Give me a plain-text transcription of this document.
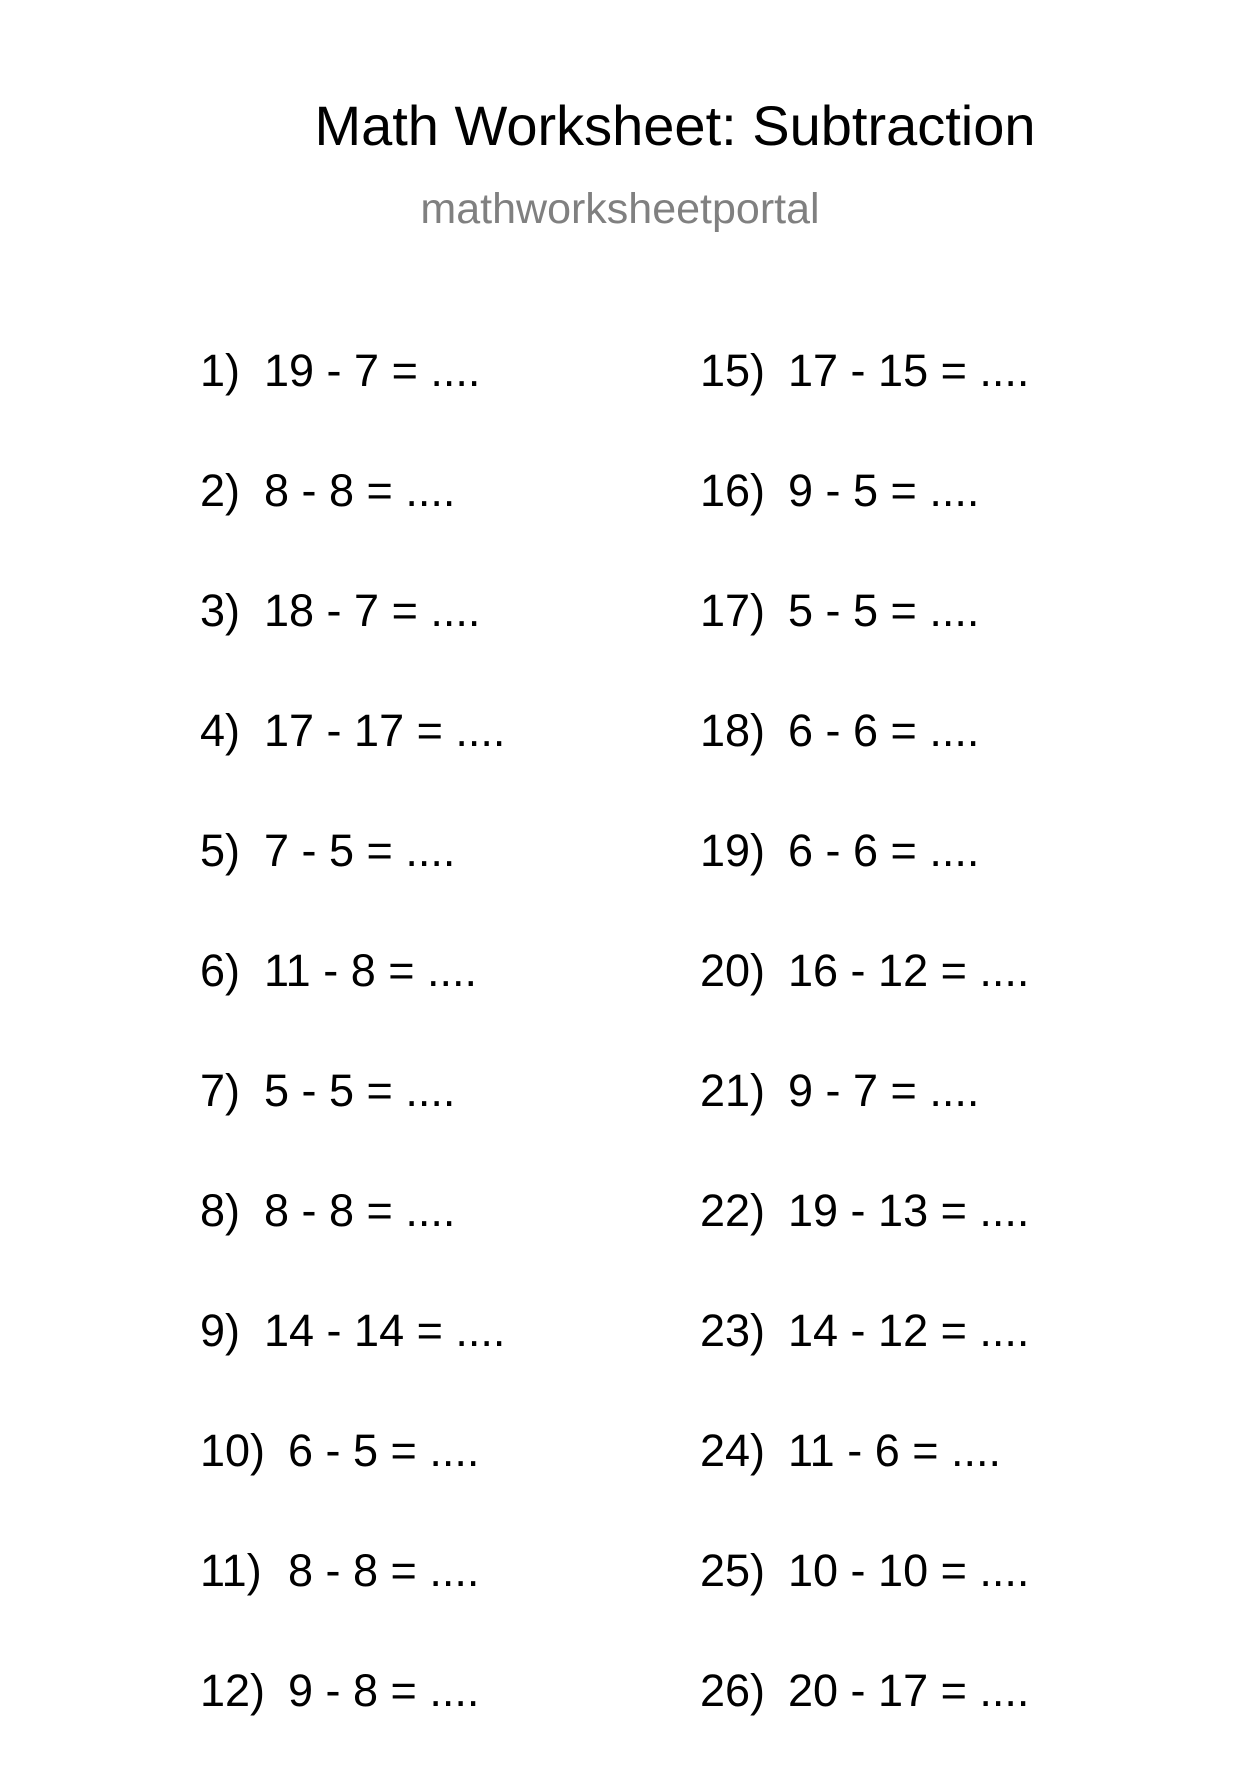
Math Worksheet: Subtraction
mathworksheetportal
1) 19 - 7 = ....
2) 8 - 8 = ....
3) 18 - 7 = ....
4) 17 - 17 = ....
5) 7 - 5 = ....
6) 11 - 8 = ....
7) 5 - 5 = ....
8) 8 - 8 = ....
9) 14 - 14 = ....
10) 6 - 5 = ....
11) 8 - 8 = ....
12) 9 - 8 = ....
15) 17 - 15 = ....
16) 9 - 5 = ....
17) 5 - 5 = ....
18) 6 - 6 = ....
19) 6 - 6 = ....
20) 16 - 12 = ....
21) 9 - 7 = ....
22) 19 - 13 = ....
23) 14 - 12 = ....
24) 11 - 6 = ....
25) 10 - 10 = ....
26) 20 - 17 = ....
